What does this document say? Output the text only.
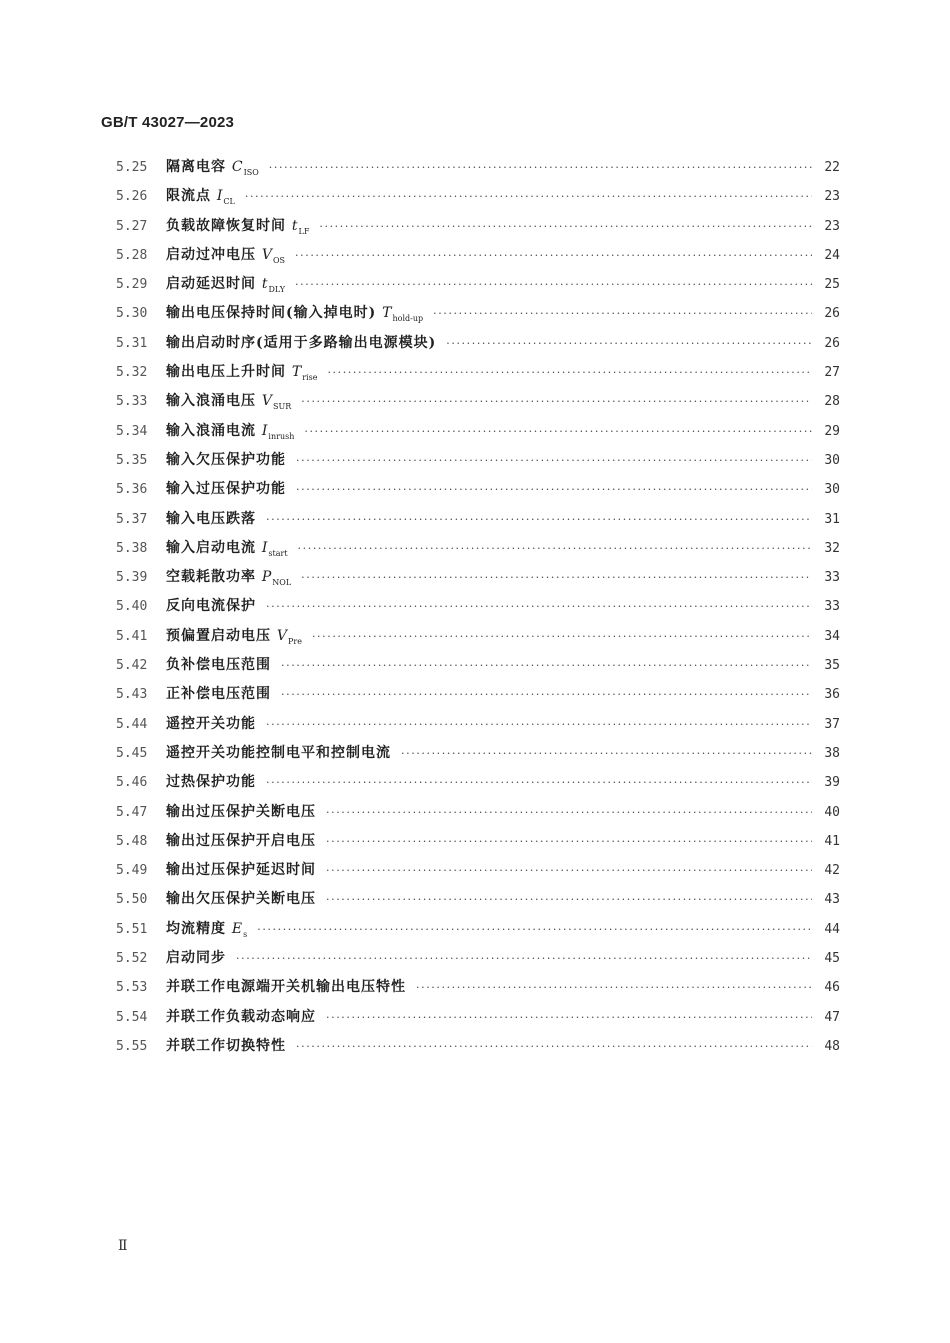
GB/T 43027—2023
5.25	隔离电容 $C_{ISO}$ ·····	22
5.26	限流点 $I_{CL}$ ·····	23
5.27	负载故障恢复时间 $t_{LF}$ ·····	23
5.28	启动过冲电压 $V_{OS}$ ·····	24
5.29	启动延迟时间 $t_{DLY}$ ·····	25
5.30	输出电压保持时间(输入掉电时) $T_{hold-up}$ ·····	26
5.31	输出启动时序(适用于多路输出电源模块) ·····	26
5.32	输出电压上升时间 $T_{rise}$ ·····	27
5.33	输入浪涌电压 $V_{SUR}$ ·····	28
5.34	输入浪涌电流 $I_{inrush}$ ·····	29
5.35	输入欠压保护功能 ·····	30
5.36	输入过压保护功能 ·····	30
5.37	输入电压跌落 ·····	31
5.38	输入启动电流 $I_{start}$ ·····	32
5.39	空载耗散功率 $P_{NOL}$ ·····	33
5.40	反向电流保护 ·····	33
5.41	预偏置启动电压 $V_{Pre}$ ·····	34
5.42	负补偿电压范围 ·····	35
5.43	正补偿电压范围 ·····	36
5.44	遥控开关功能 ·····	37
5.45	遥控开关功能控制电平和控制电流 ·····	38
5.46	过热保护功能 ·····	39
5.47	输出过压保护关断电压 ·····	40
5.48	输出过压保护开启电压 ·····	41
5.49	输出过压保护延迟时间 ·····	42
5.50	输出欠压保护关断电压 ·····	43
5.51	均流精度 $E_s$ ·····	44
5.52	启动同步 ·····	45
5.53	并联工作电源端开关机输出电压特性 ·····	46
5.54	并联工作负载动态响应 ·····	47
5.55	并联工作切换特性 ·····	48
Ⅱ
